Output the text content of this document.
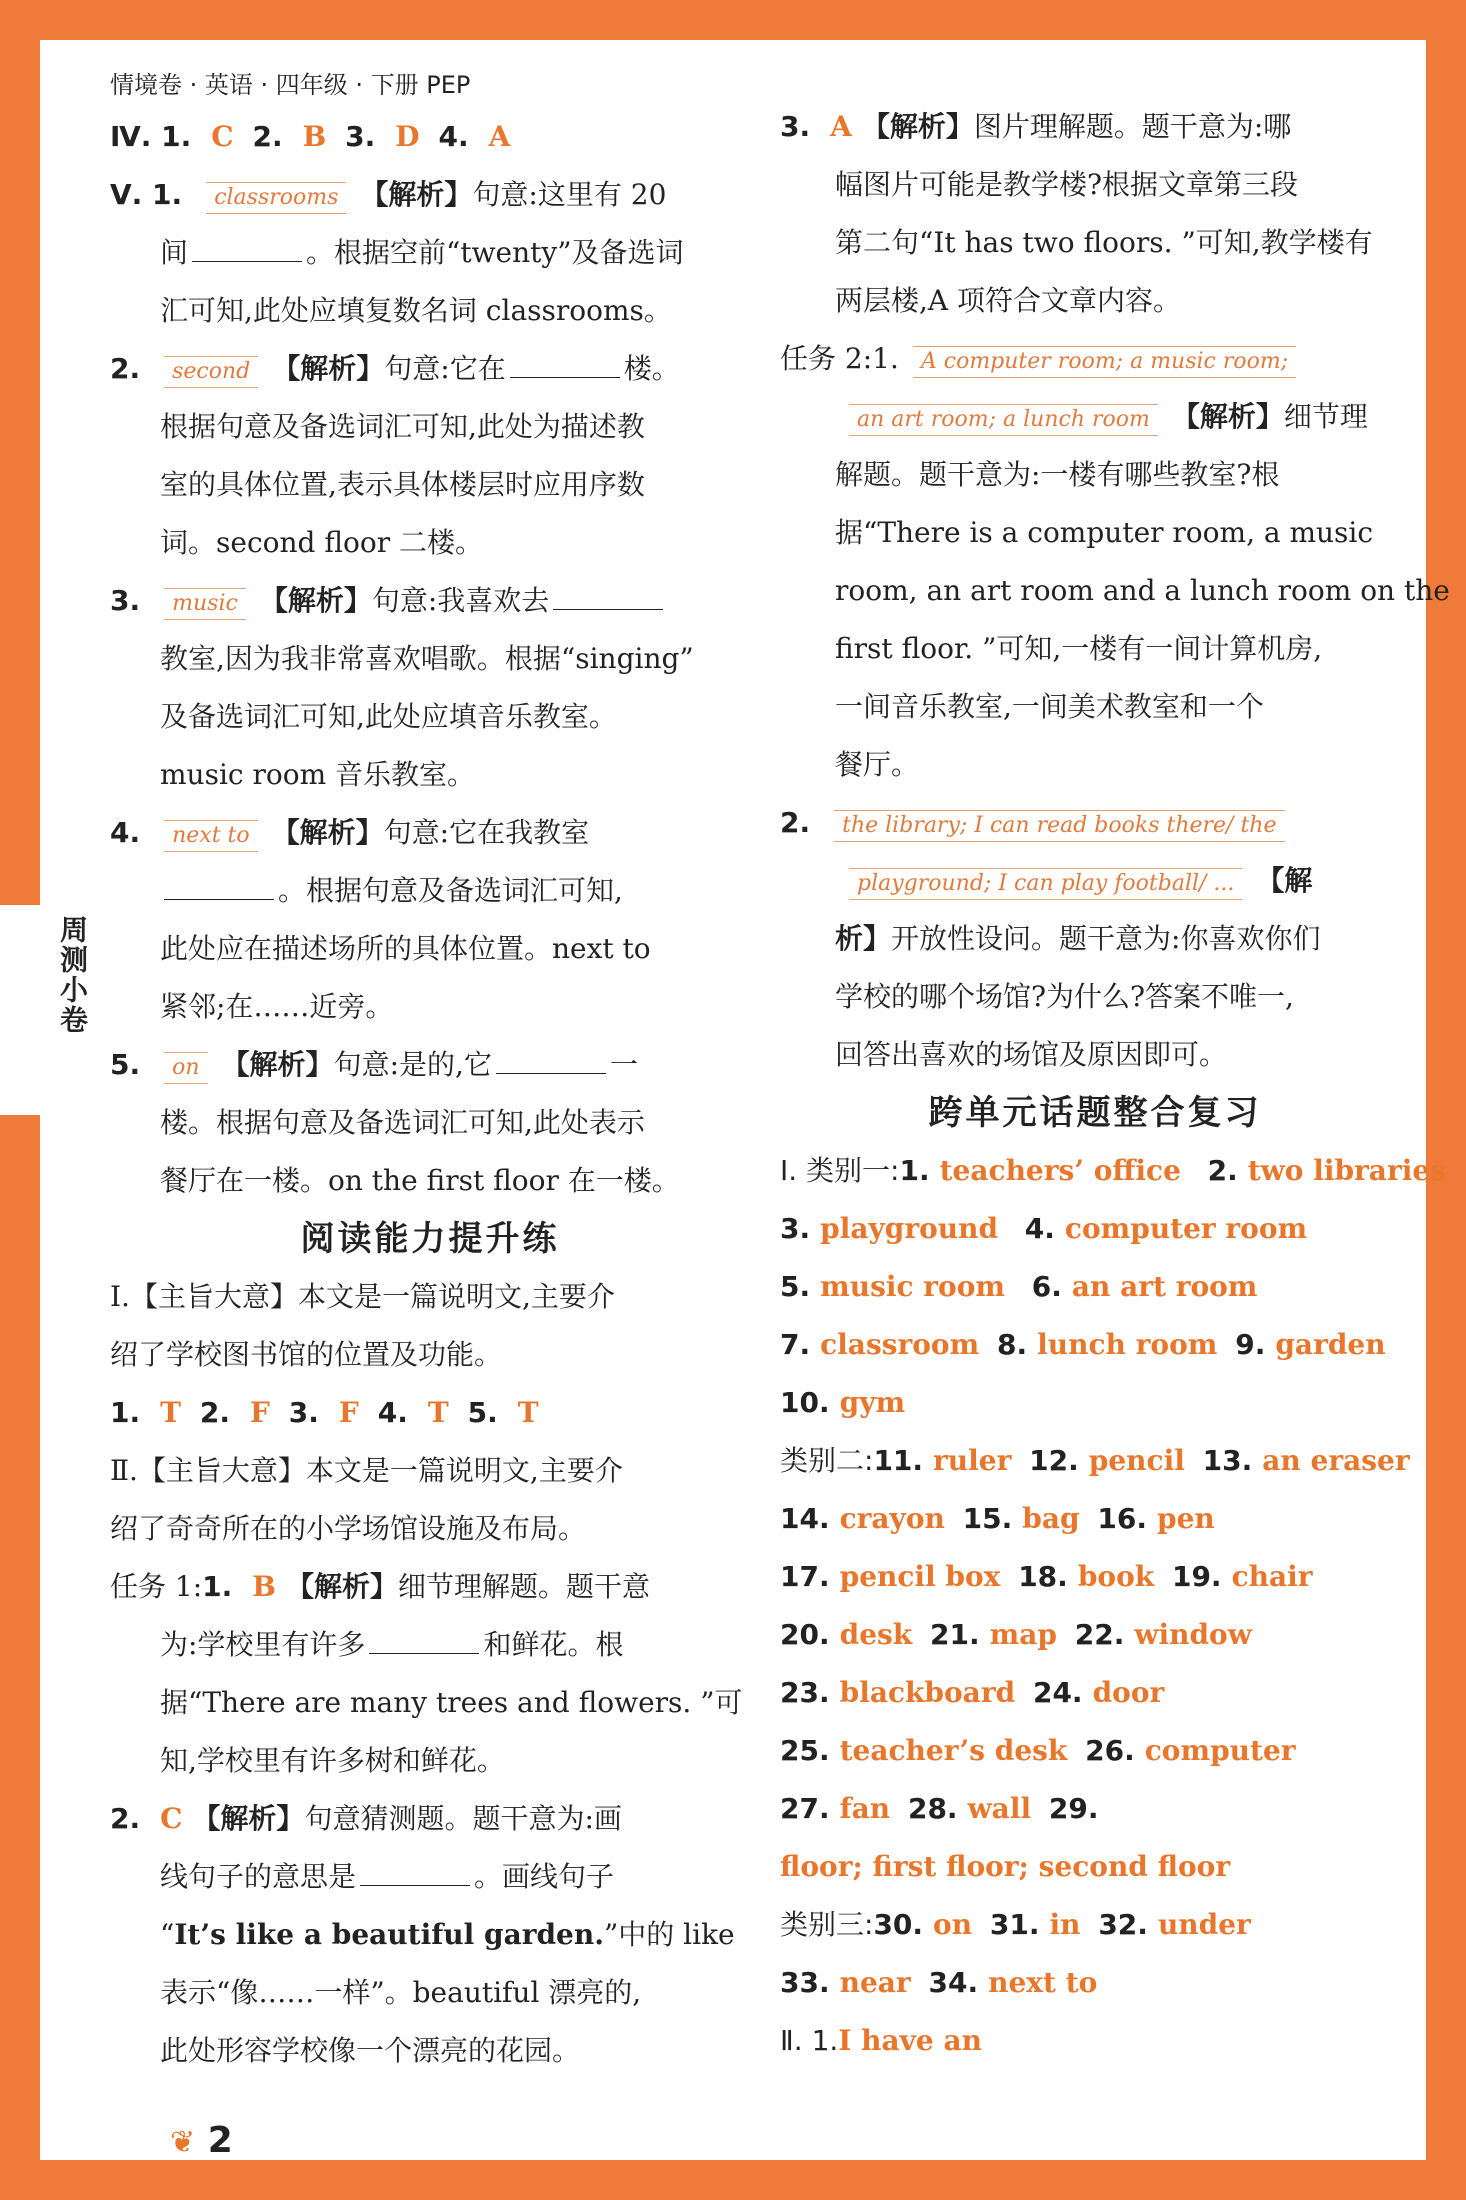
周测小卷
情境卷 · 英语 · 四年级 · 下册 PEP
Ⅳ. 1. C 2. B 3. D 4. A
Ⅴ. 1. classrooms 【解析】句意:这里有 20
间	。根据空前“twenty”及备选词
汇可知,此处应填复数名词 classrooms。
2. second 【解析】句意:它在	楼。
根据句意及备选词汇可知,此处为描述教
室的具体位置,表示具体楼层时应用序数
词。second floor 二楼。
3. music 【解析】句意:我喜欢去
教室,因为我非常喜欢唱歌。根据“singing”
及备选词汇可知,此处应填音乐教室。
music room 音乐教室。
4. next to 【解析】句意:它在我教室
。根据句意及备选词汇可知,
此处应在描述场所的具体位置。next to
紧邻;在……近旁。
5. on 【解析】句意:是的,它	一
楼。根据句意及备选词汇可知,此处表示
餐厅在一楼。on the first floor 在一楼。
阅读能力提升练
Ⅰ.【主旨大意】本文是一篇说明文,主要介
绍了学校图书馆的位置及功能。
1. T 2. F 3. F 4. T 5. T
Ⅱ.【主旨大意】本文是一篇说明文,主要介
绍了奇奇所在的小学场馆设施及布局。
任务 1:1. B 【解析】细节理解题。题干意
为:学校里有许多	和鲜花。根
据“There are many trees and flowers. ”可
知,学校里有许多树和鲜花。
2. C 【解析】句意猜测题。题干意为:画
线句子的意思是	。画线句子
“It’s like a beautiful garden.”中的 like
表示“像……一样”。beautiful 漂亮的,
此处形容学校像一个漂亮的花园。
3. A 【解析】图片理解题。题干意为:哪
幅图片可能是教学楼?根据文章第三段
第二句“It has two floors. ”可知,教学楼有
两层楼,A 项符合文章内容。
任务 2:1. A computer room; a music room;
an art room; a lunch room 【解析】细节理
解题。题干意为:一楼有哪些教室?根
据“There is a computer room, a music
room, an art room and a lunch room on the
first floor. ”可知,一楼有一间计算机房,
一间音乐教室,一间美术教室和一个
餐厅。
2. the library; I can read books there/ the
playground; I can play football/ ... 【解
析】开放性设问。题干意为:你喜欢你们
学校的哪个场馆?为什么?答案不唯一,
回答出喜欢的场馆及原因即可。
跨单元话题整合复习
Ⅰ. 类别一:1. teachers’ office 2. two libraries
3. playground 4. computer room
5. music room 6. an art room
7. classroom 8. lunch room 9. garden
10. gym
类别二:11. ruler 12. pencil 13. an eraser
14. crayon 15. bag 16. pen
17. pencil box 18. book 19. chair
20. desk 21. map 22. window
23. blackboard 24. door
25. teacher’s desk 26. computer
27. fan 28. wall 29.
floor; first floor; second floor
类别三:30. on 31. in 32. under
33. near 34. next to
Ⅱ. 1.I have an
❦ 2
